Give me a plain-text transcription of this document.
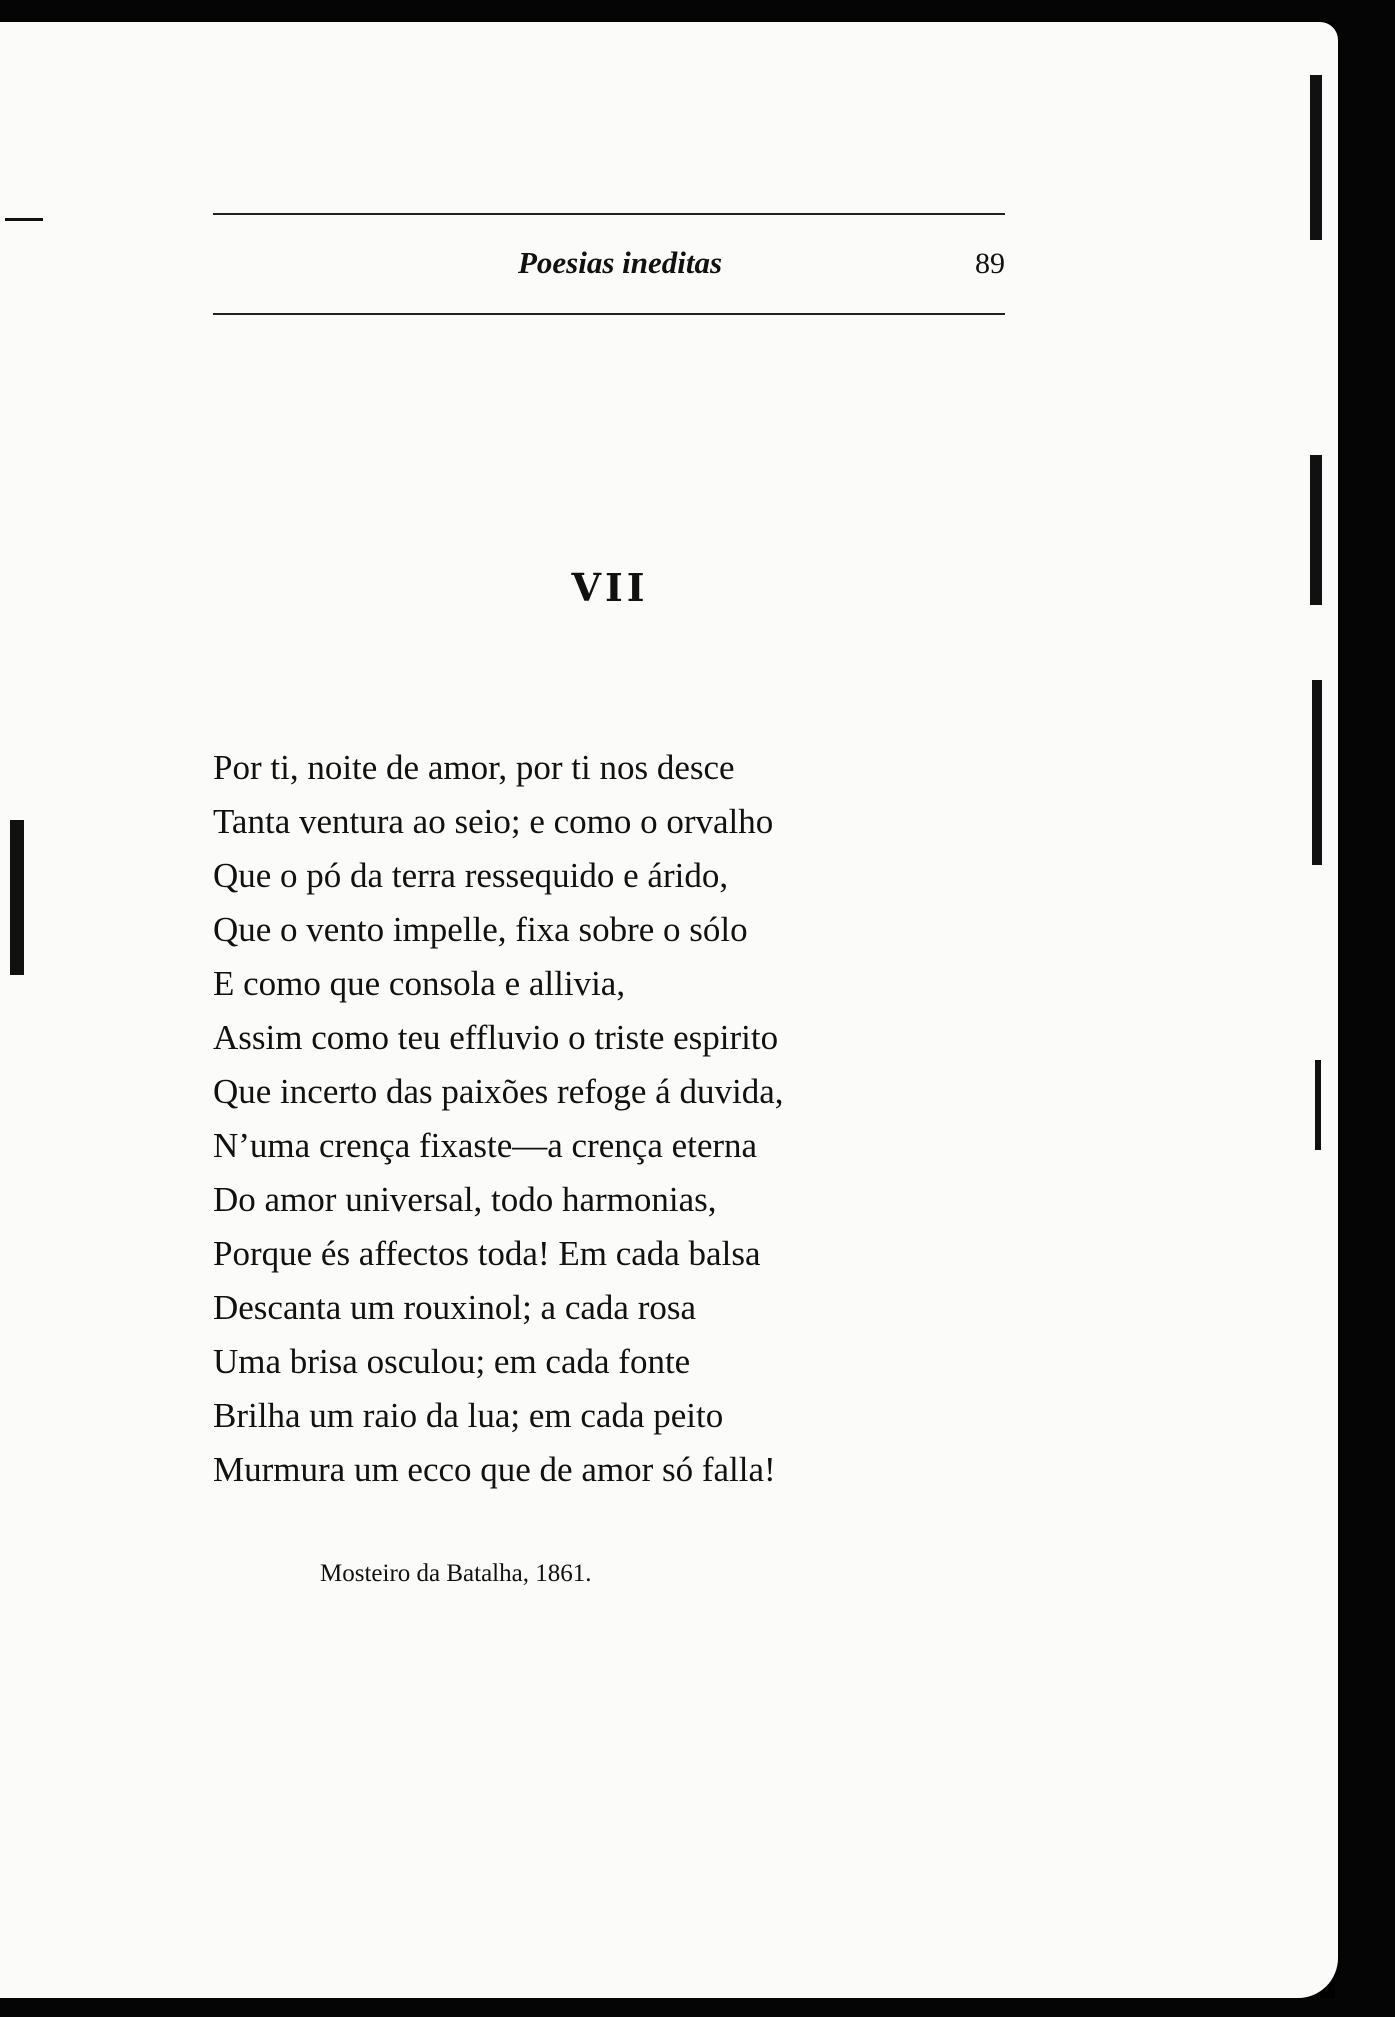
Poesias ineditas	89
VII
Por ti, noite de amor, por ti nos desce
Tanta ventura ao seio; e como o orvalho
Que o pó da terra ressequido e árido,
Que o vento impelle, fixa sobre o sólo
E como que consola e allivia,
Assim como teu effluvio o triste espirito
Que incerto das paixões refoge á duvida,
N’uma crença fixaste—a crença eterna
Do amor universal, todo harmonias,
Porque és affectos toda! Em cada balsa
Descanta um rouxinol; a cada rosa
Uma brisa osculou; em cada fonte
Brilha um raio da lua; em cada peito
Murmura um ecco que de amor só falla!
Mosteiro da Batalha, 1861.
